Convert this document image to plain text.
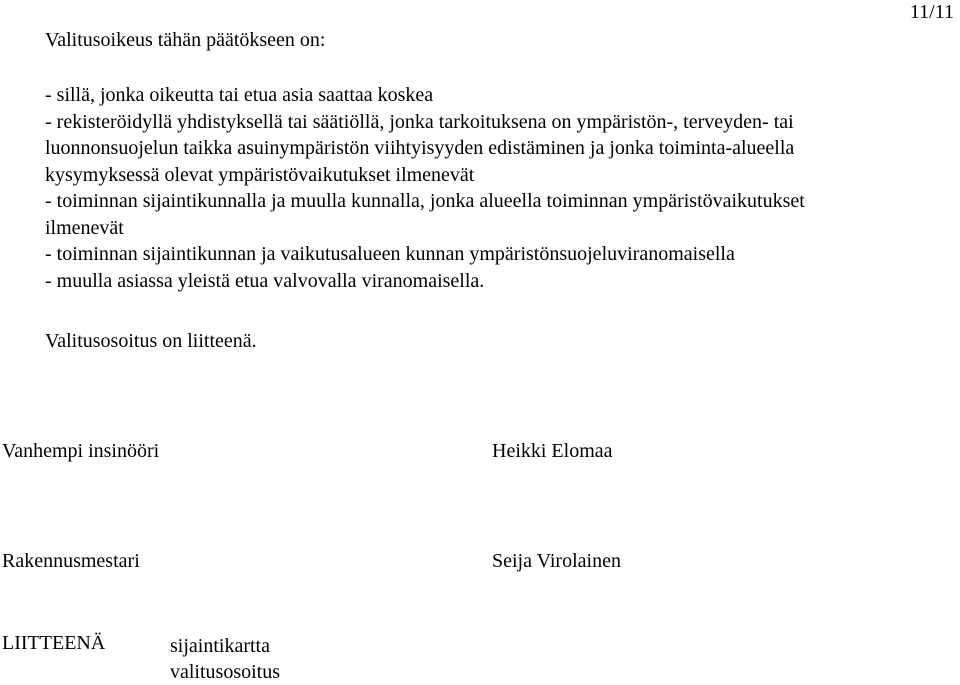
11/11
Valitusoikeus tähän päätökseen on:
- sillä, jonka oikeutta tai etua asia saattaa koskea
- rekisteröidyllä yhdistyksellä tai säätiöllä, jonka tarkoituksena on ympäristön-, terveyden- tai
luonnonsuojelun taikka asuinympäristön viihtyisyyden edistäminen ja jonka toiminta-alueella
kysymyksessä olevat ympäristövaikutukset ilmenevät
- toiminnan sijaintikunnalla ja muulla kunnalla, jonka alueella toiminnan ympäristövaikutukset
ilmenevät
- toiminnan sijaintikunnan ja vaikutusalueen kunnan ympäristönsuojeluviranomaisella
- muulla asiassa yleistä etua valvovalla viranomaisella.
Valitusosoitus on liitteenä.
Vanhempi insinööri	Heikki Elomaa
Rakennusmestari	Seija Virolainen
LIITTEENÄ	sijaintikartta
valitusosoitus
